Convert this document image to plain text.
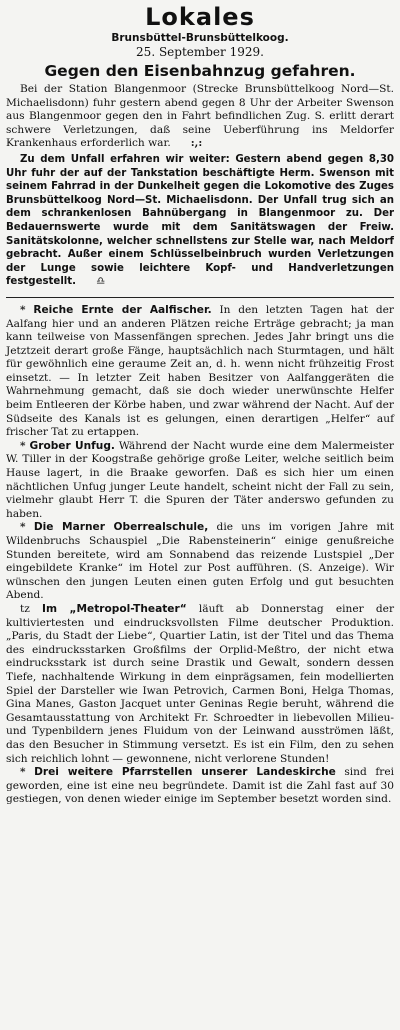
Lokales
Brunsbüttel-Brunsbüttelkoog.
25. September 1929.
Gegen den Eisenbahnzug gefahren.

Bei der Station Blangenmoor (Strecke Brunsbüttelkoog Nord—St. Michaelisdonn) fuhr gestern abend gegen 8 Uhr der Arbeiter Swenson aus Blangenmoor gegen den in Fahrt befindlichen Zug. S. erlitt derart schwere Verletzungen, daß seine Ueberführung ins Meldorfer Krankenhaus erforderlich war. :,:

Zu dem Unfall erfahren wir weiter: Gestern abend gegen 8,30 Uhr fuhr der auf der Tankstation beschäftigte Herm. Swenson mit seinem Fahrrad in der Dunkelheit gegen die Lokomotive des Zuges Brunsbüttelkoog Nord—St. Michaelisdonn. Der Unfall trug sich an dem schrankenlosen Bahnübergang in Blangenmoor zu. Der Bedauernswerte wurde mit dem Sanitätswagen der Freiw. Sanitätskolonne, welcher schnellstens zur Stelle war, nach Meldorf gebracht. Außer einem Schlüsselbeinbruch wurden Verletzungen der Lunge sowie leichtere Kopf- und Handverletzungen festgestellt. ♎

* Reiche Ernte der Aalfischer. In den letzten Tagen hat der Aalfang hier und an anderen Plätzen reiche Erträge gebracht; ja man kann teilweise von Massenfängen sprechen. Jedes Jahr bringt uns die Jetztzeit derart große Fänge, hauptsächlich nach Sturmtagen, und hält für gewöhnlich eine geraume Zeit an, d. h. wenn nicht frühzeitig Frost einsetzt. — In letzter Zeit haben Besitzer von Aalfanggeräten die Wahrnehmung gemacht, daß sie doch wieder unerwünschte Helfer beim Entleeren der Körbe haben, und zwar während der Nacht. Auf der Südseite des Kanals ist es gelungen, einen derartigen „Helfer“ auf frischer Tat zu ertappen.

* Grober Unfug. Während der Nacht wurde eine dem Malermeister W. Tiller in der Koogstraße gehörige große Leiter, welche seitlich beim Hause lagert, in die Braake geworfen. Daß es sich hier um einen nächtlichen Unfug junger Leute handelt, scheint nicht der Fall zu sein, vielmehr glaubt Herr T. die Spuren der Täter anderswo gefunden zu haben.

* Die Marner Oberrealschule, die uns im vorigen Jahre mit Wildenbruchs Schauspiel „Die Rabensteinerin“ einige genußreiche Stunden bereitete, wird am Sonnabend das reizende Lustspiel „Der eingebildete Kranke“ im Hotel zur Post aufführen. (S. Anzeige). Wir wünschen den jungen Leuten einen guten Erfolg und gut besuchten Abend.

tz Im „Metropol-Theater“ läuft ab Donnerstag einer der kultiviertesten und eindrucksvollsten Filme deutscher Produktion. „Paris, du Stadt der Liebe“, Quartier Latin, ist der Titel und das Thema des eindrucksstarken Großfilms der Orplid-Meßtro, der nicht etwa eindrucksstark ist durch seine Drastik und Gewalt, sondern dessen Tiefe, nachhaltende Wirkung in dem einprägsamen, fein modellierten Spiel der Darsteller wie Iwan Petrovich, Carmen Boni, Helga Thomas, Gina Manes, Gaston Jacquet unter Geninas Regie beruht, während die Gesamtausstattung von Architekt Fr. Schroedter in liebevollen Milieu- und Typenbildern jenes Fluidum von der Leinwand ausströmen läßt, das den Besucher in Stimmung versetzt. Es ist ein Film, den zu sehen sich reichlich lohnt — gewonnene, nicht verlorene Stunden!

* Drei weitere Pfarrstellen unserer Landeskirche sind frei geworden, eine ist eine neu begründete. Damit ist die Zahl fast auf 30 gestiegen, von denen wieder einige im September besetzt worden sind.
